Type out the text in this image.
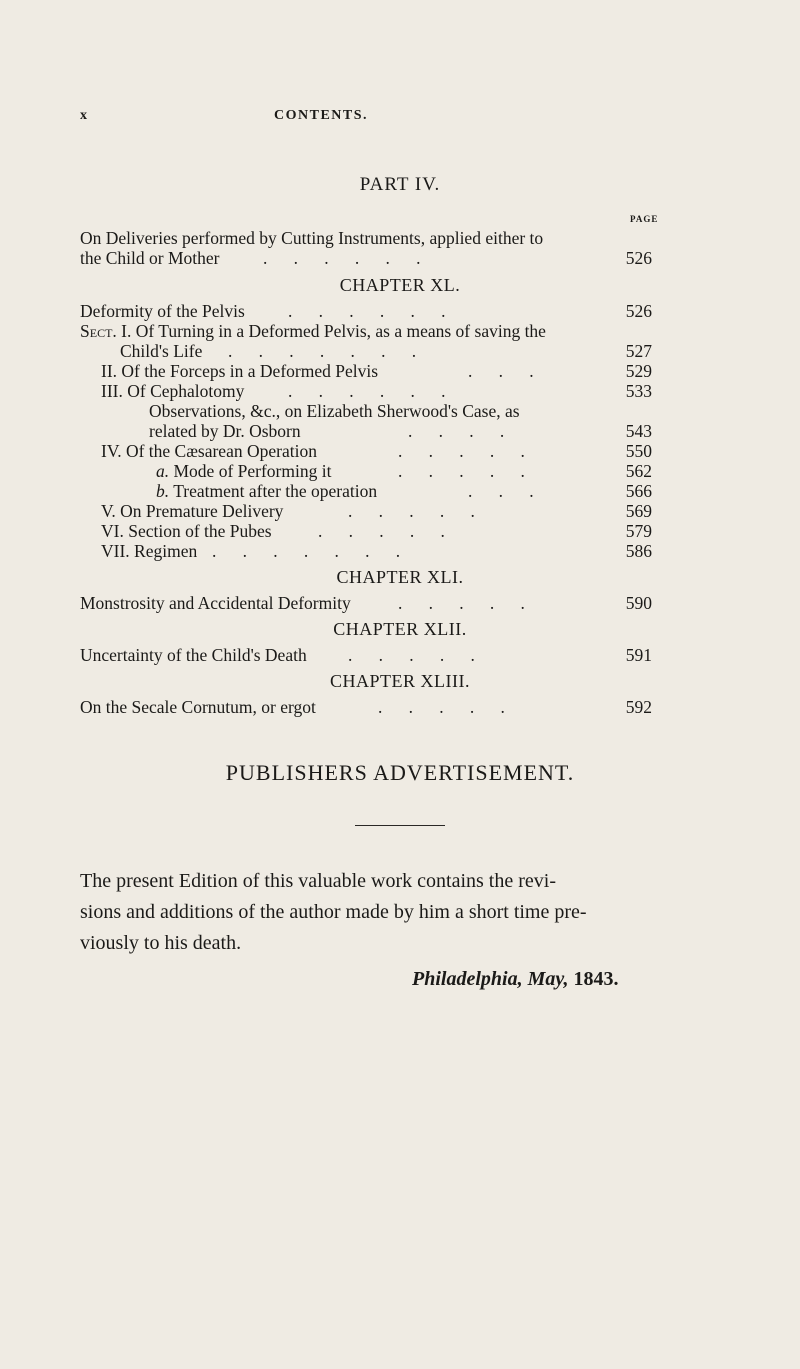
x	CONTENTS.
PART IV.
PAGE
On Deliveries performed by Cutting Instruments, applied either to
the Child or Mother .      .      .      .      .      .	526
CHAPTER XL.
Deformity of the Pelvis .      .      .      .      .      .	526
Sect. I. Of Turning in a Deformed Pelvis, as a means of saving the
Child's Life .      .      .      .      .      .      .	527
II. Of the Forceps in a Deformed Pelvis	.      .      .	529
III. Of Cephalotomy .      .      .      .      .      .	533
Observations, &c., on Elizabeth Sherwood's Case, as
related by Dr. Osborn	.      .      .      .	543
IV. Of the Cæsarean Operation	.      .      .      .      .	550
a. Mode of Performing it	.      .      .      .      .	562
b. Treatment after the operation	.      .      .	566
V. On Premature Delivery	.      .      .      .      .	569
VI. Section of the Pubes	.      .      .      .      .	579
VII. Regimen .      .      .      .      .      .      .	586
CHAPTER XLI.
Monstrosity and Accidental Deformity	.      .      .      .      .	590
CHAPTER XLII.
Uncertainty of the Child's Death .      .      .      .      .	591
CHAPTER XLIII.
On the Secale Cornutum, or ergot	.      .      .      .      .	592
PUBLISHERS ADVERTISEMENT.
The present Edition of this valuable work contains the revi-
sions and additions of the author made by him a short time pre-
viously to his death.
Philadelphia, May, 1843.
